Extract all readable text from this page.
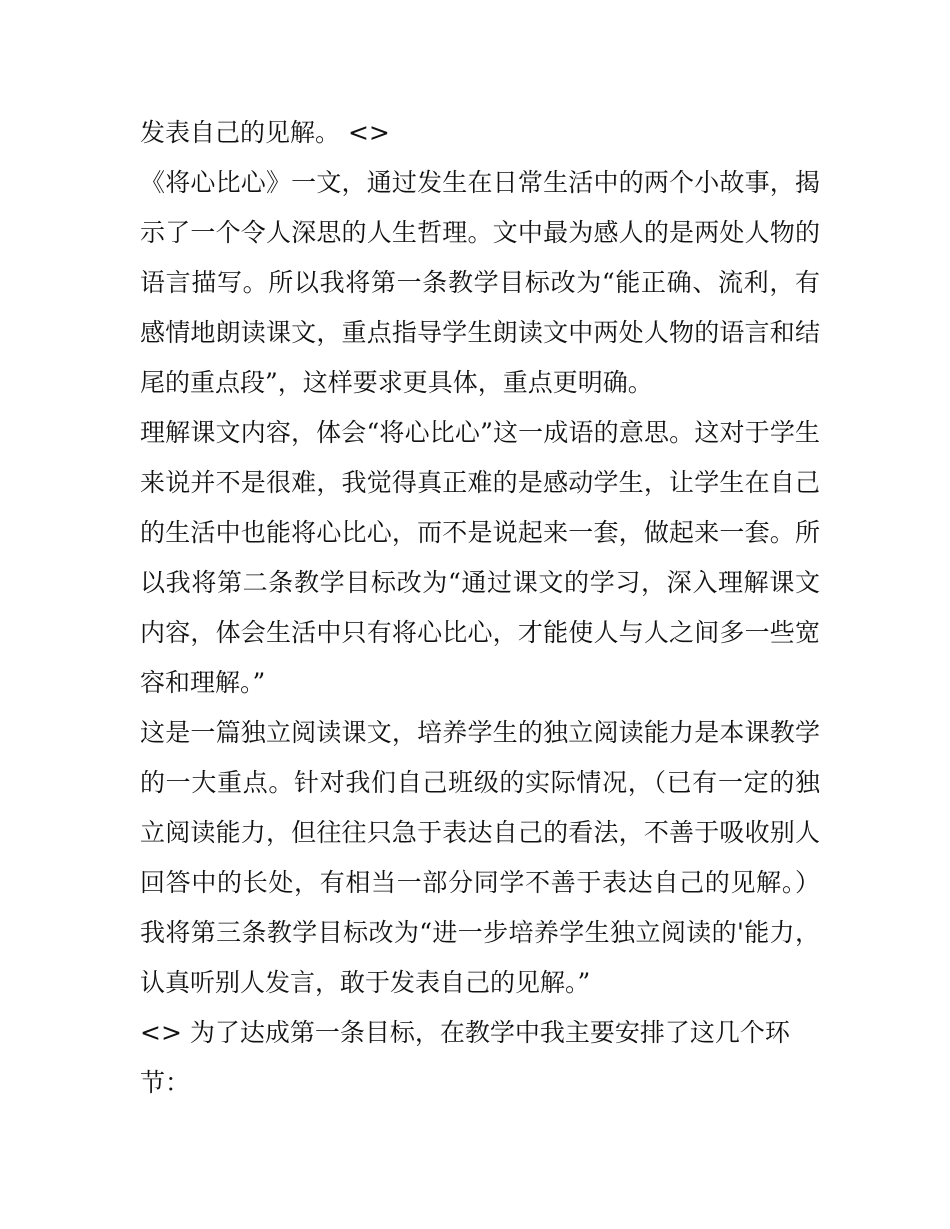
发表自己的见解。 <>
《将心比心》一文，通过发生在日常生活中的两个小故事，揭
示了一个令人深思的人生哲理。文中最为感人的是两处人物的
语言描写。所以我将第一条教学目标改为“能正确、流利，有
感情地朗读课文，重点指导学生朗读文中两处人物的语言和结
尾的重点段”，这样要求更具体，重点更明确。
理解课文内容，体会“将心比心”这一成语的意思。这对于学生
来说并不是很难，我觉得真正难的是感动学生，让学生在自己
的生活中也能将心比心，而不是说起来一套，做起来一套。所
以我将第二条教学目标改为“通过课文的学习，深入理解课文
内容，体会生活中只有将心比心，才能使人与人之间多一些宽
容和理解。”
这是一篇独立阅读课文，培养学生的独立阅读能力是本课教学
的一大重点。针对我们自己班级的实际情况，（已有一定的独
立阅读能力，但往往只急于表达自己的看法，不善于吸收别人
回答中的长处，有相当一部分同学不善于表达自己的见解。）
我将第三条教学目标改为“进一步培养学生独立阅读的'能力，
认真听别人发言，敢于发表自己的见解。”
<> 为了达成第一条目标，在教学中我主要安排了这几个环
节：
